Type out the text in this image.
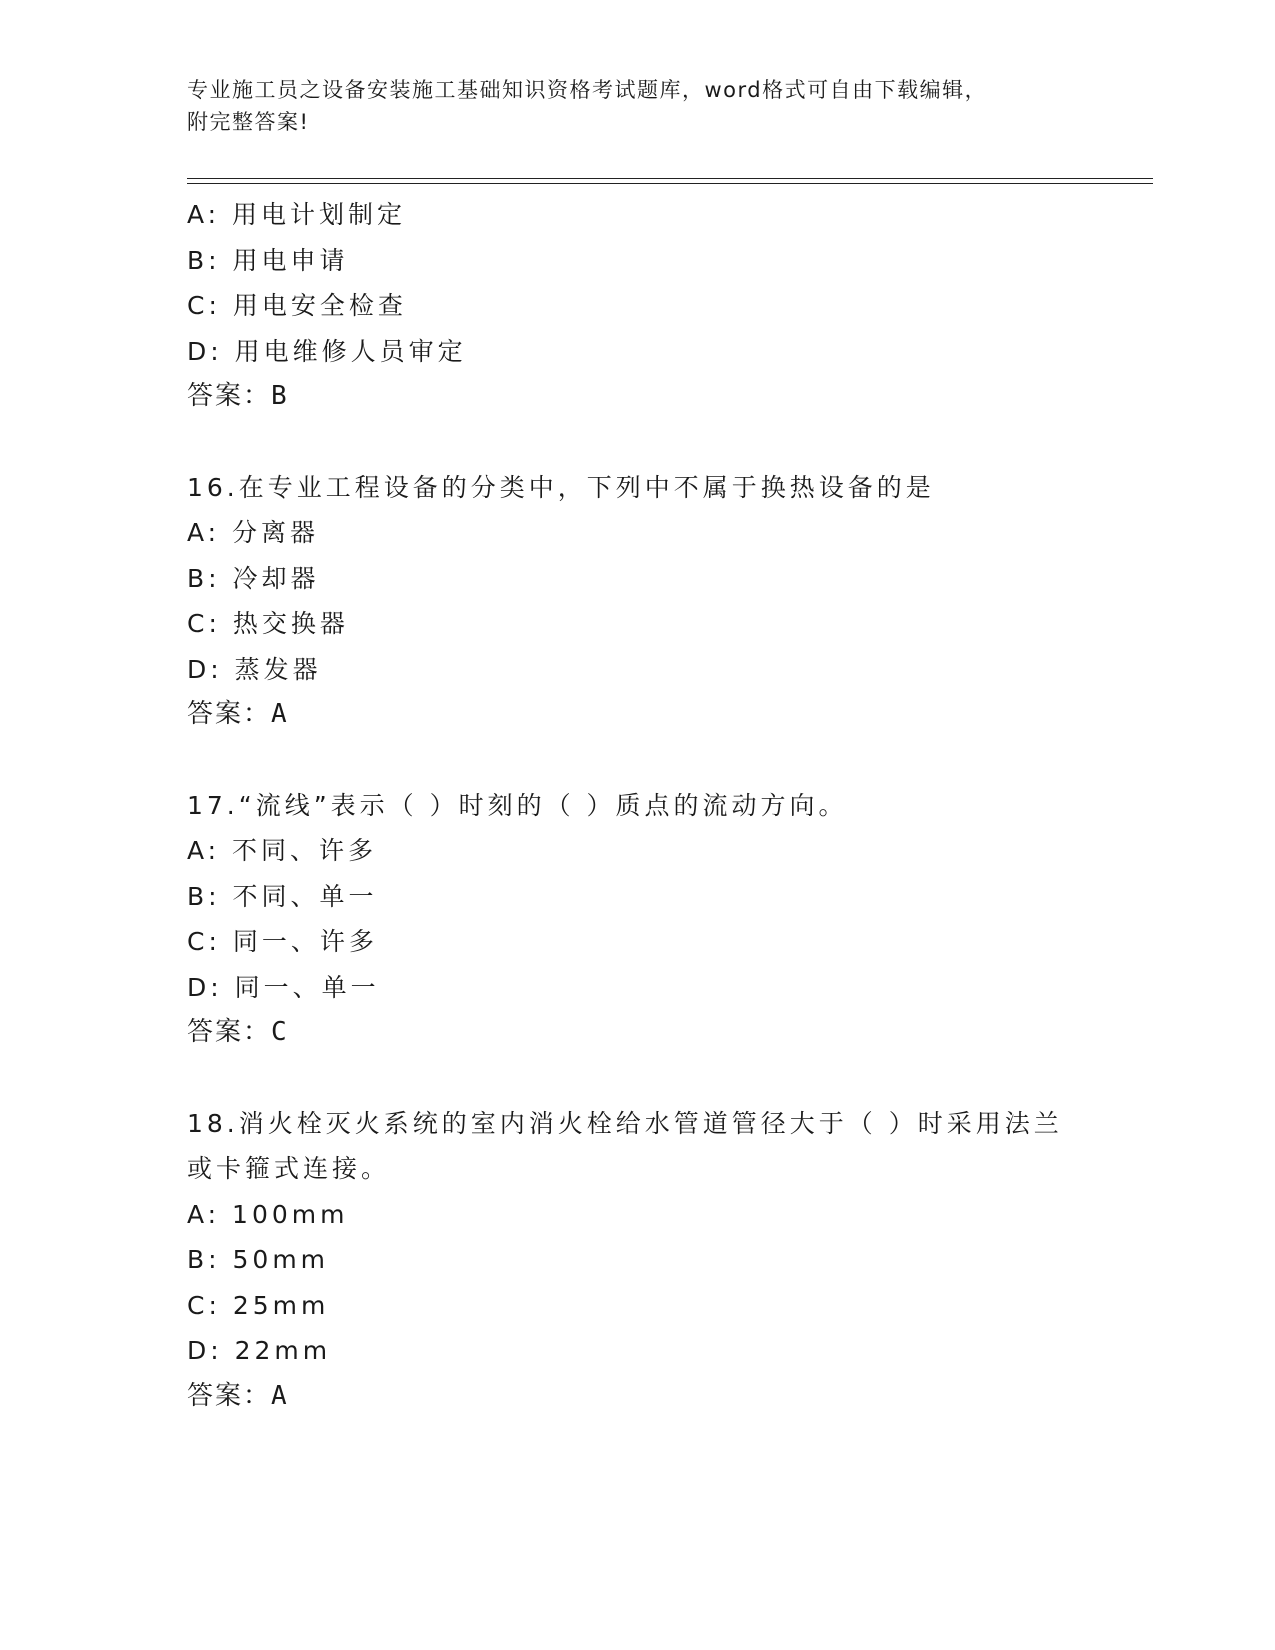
专业施工员之设备安装施工基础知识资格考试题库，word格式可自由下载编辑，
附完整答案!
A: 用电计划制定
B: 用电申请
C: 用电安全检查
D: 用电维修人员审定
答案：B
16.在专业工程设备的分类中，下列中不属于换热设备的是
A: 分离器
B: 冷却器
C: 热交换器
D: 蒸发器
答案：A
17.“流线”表示（ ）时刻的（ ）质点的流动方向。
A: 不同、许多
B: 不同、单一
C: 同一、许多
D: 同一、单一
答案：C
18.消火栓灭火系统的室内消火栓给水管道管径大于（ ）时采用法兰
或卡箍式连接。
A: 100mm
B: 50mm
C: 25mm
D: 22mm
答案：A
